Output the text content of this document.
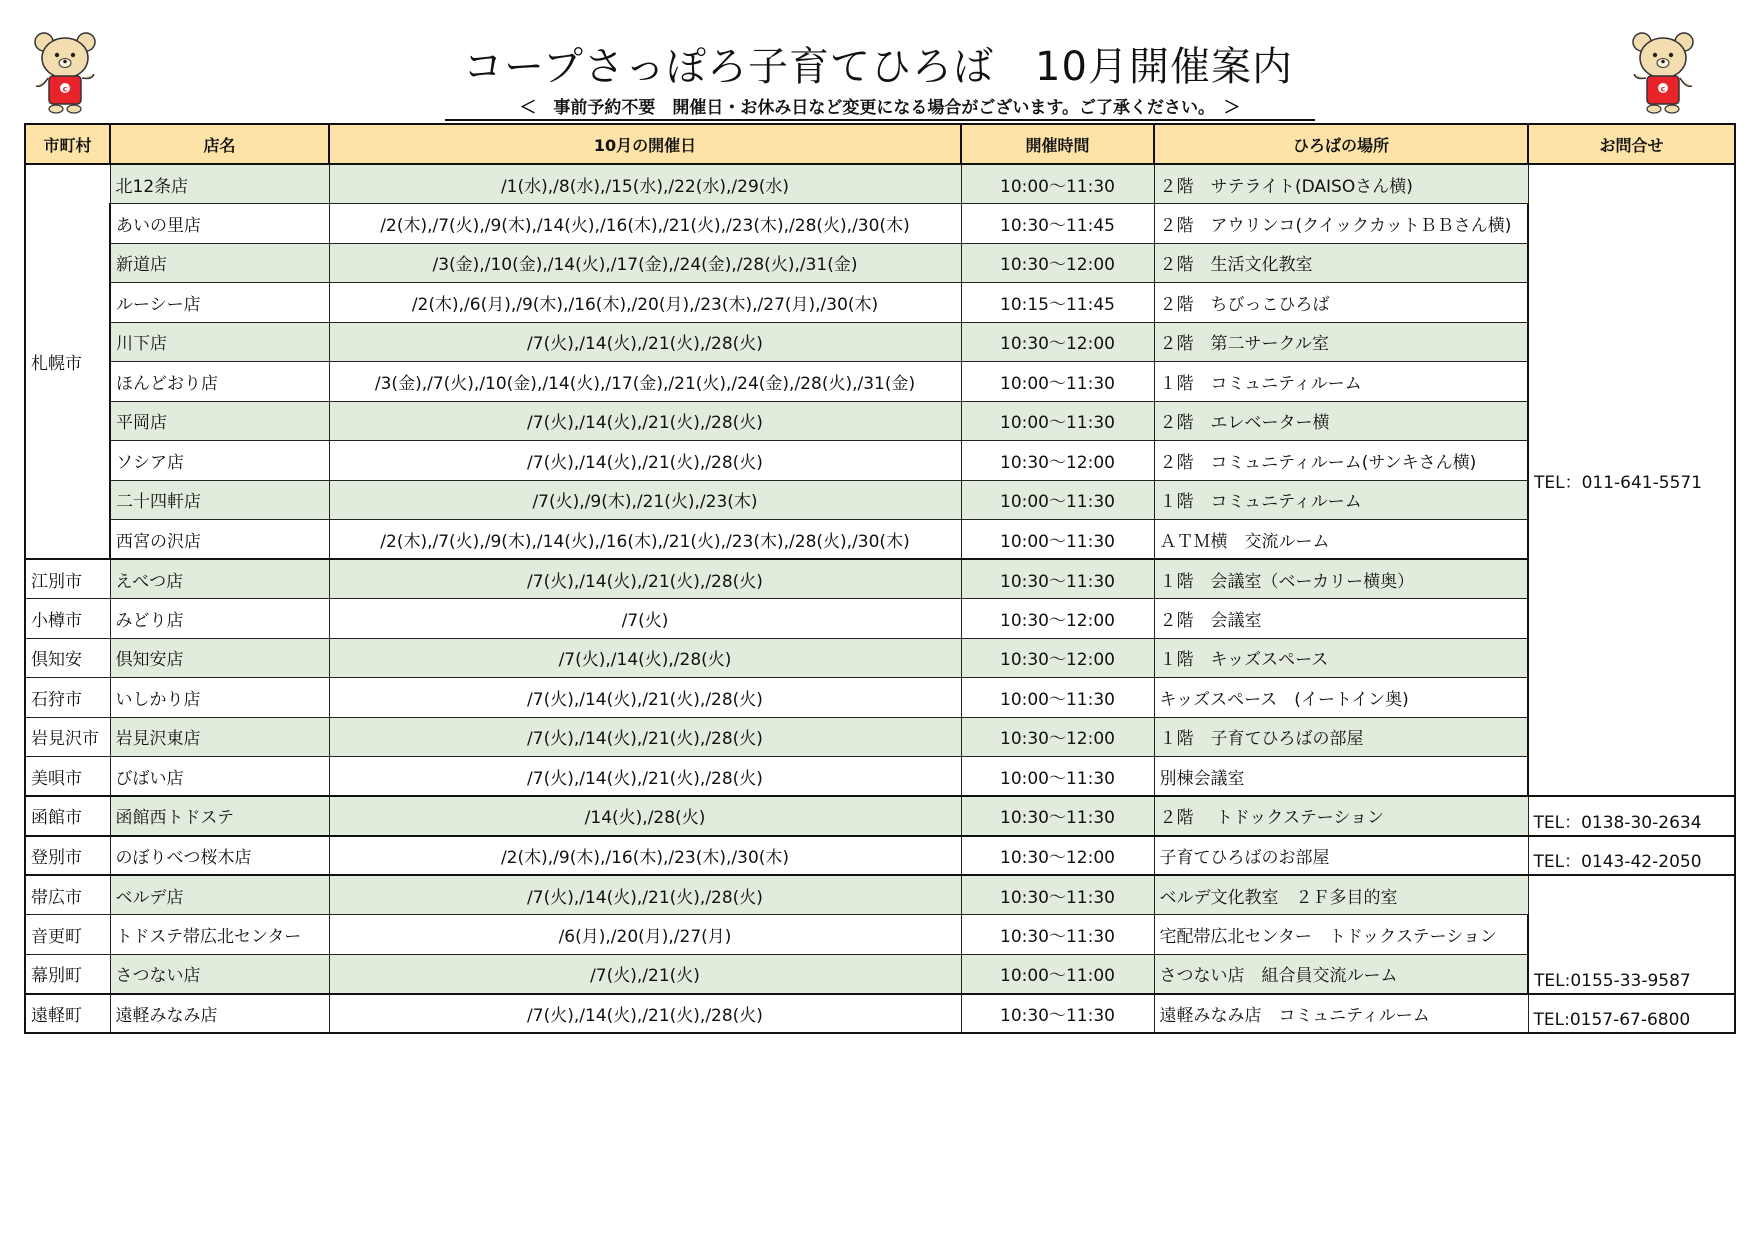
c	c
コープさっぽろ子育てひろば　10月開催案内
＜　事前予約不要　開催日・お休み日など変更になる場合がございます。ご了承ください。　＞
市町村	店名	10月の開催日	開催時間	ひろばの場所	お問合せ
札幌市	北12条店	/1(水),/8(水),/15(水),/22(水),/29(水)	10:00～11:30	２階　サテライト(DAISOさん横)	TEL：011-641-5571
	あいの里店	/2(木),/7(火),/9(木),/14(火),/16(木),/21(火),/23(木),/28(火),/30(木)	10:30～11:45	２階　アウリンコ(クイックカットＢＢさん横)	
	新道店	/3(金),/10(金),/14(火),/17(金),/24(金),/28(火),/31(金)	10:30～12:00	２階　生活文化教室	
	ルーシー店	/2(木),/6(月),/9(木),/16(木),/20(月),/23(木),/27(月),/30(木)	10:15～11:45	２階　ちびっこひろば	
	川下店	/7(火),/14(火),/21(火),/28(火)	10:30～12:00	２階　第二サークル室	
	ほんどおり店	/3(金),/7(火),/10(金),/14(火),/17(金),/21(火),/24(金),/28(火),/31(金)	10:00～11:30	１階　コミュニティルーム	
	平岡店	/7(火),/14(火),/21(火),/28(火)	10:00～11:30	２階　エレベーター横	
	ソシア店	/7(火),/14(火),/21(火),/28(火)	10:30～12:00	２階　コミュニティルーム(サンキさん横)	
	二十四軒店	/7(火),/9(木),/21(火),/23(木)	10:00～11:30	１階　コミュニティルーム	
	西宮の沢店	/2(木),/7(火),/9(木),/14(火),/16(木),/21(火),/23(木),/28(火),/30(木)	10:00～11:30	ＡＴＭ横　交流ルーム	
江別市	えべつ店	/7(火),/14(火),/21(火),/28(火)	10:30～11:30	１階　会議室（ベーカリー横奥）	
小樽市	みどり店	/7(火)	10:30～12:00	２階　会議室	
倶知安	倶知安店	/7(火),/14(火),/28(火)	10:30～12:00	１階　キッズスペース	
石狩市	いしかり店	/7(火),/14(火),/21(火),/28(火)	10:00～11:30	キッズスペース　(イートイン奥)	
岩見沢市	岩見沢東店	/7(火),/14(火),/21(火),/28(火)	10:30～12:00	１階　子育てひろばの部屋	
美唄市	びばい店	/7(火),/14(火),/21(火),/28(火)	10:00～11:30	別棟会議室	
函館市	函館西トドステ	/14(火),/28(火)	10:30～11:30	２階　 トドックステーション	TEL：0138-30-2634
登別市	のぼりべつ桜木店	/2(木),/9(木),/16(木),/23(木),/30(木)	10:30～12:00	子育てひろばのお部屋	TEL：0143-42-2050
帯広市	ベルデ店	/7(火),/14(火),/21(火),/28(火)	10:30～11:30	ベルデ文化教室　２Ｆ多目的室	TEL:0155-33-9587
音更町	トドステ帯広北センター	/6(月),/20(月),/27(月)	10:30～11:30	宅配帯広北センター　トドックステーション	
幕別町	さつない店	/7(火),/21(火)	10:00～11:00	さつない店　組合員交流ルーム	
遠軽町	遠軽みなみ店	/7(火),/14(火),/21(火),/28(火)	10:30～11:30	遠軽みなみ店　コミュニティルーム	TEL:0157-67-6800
